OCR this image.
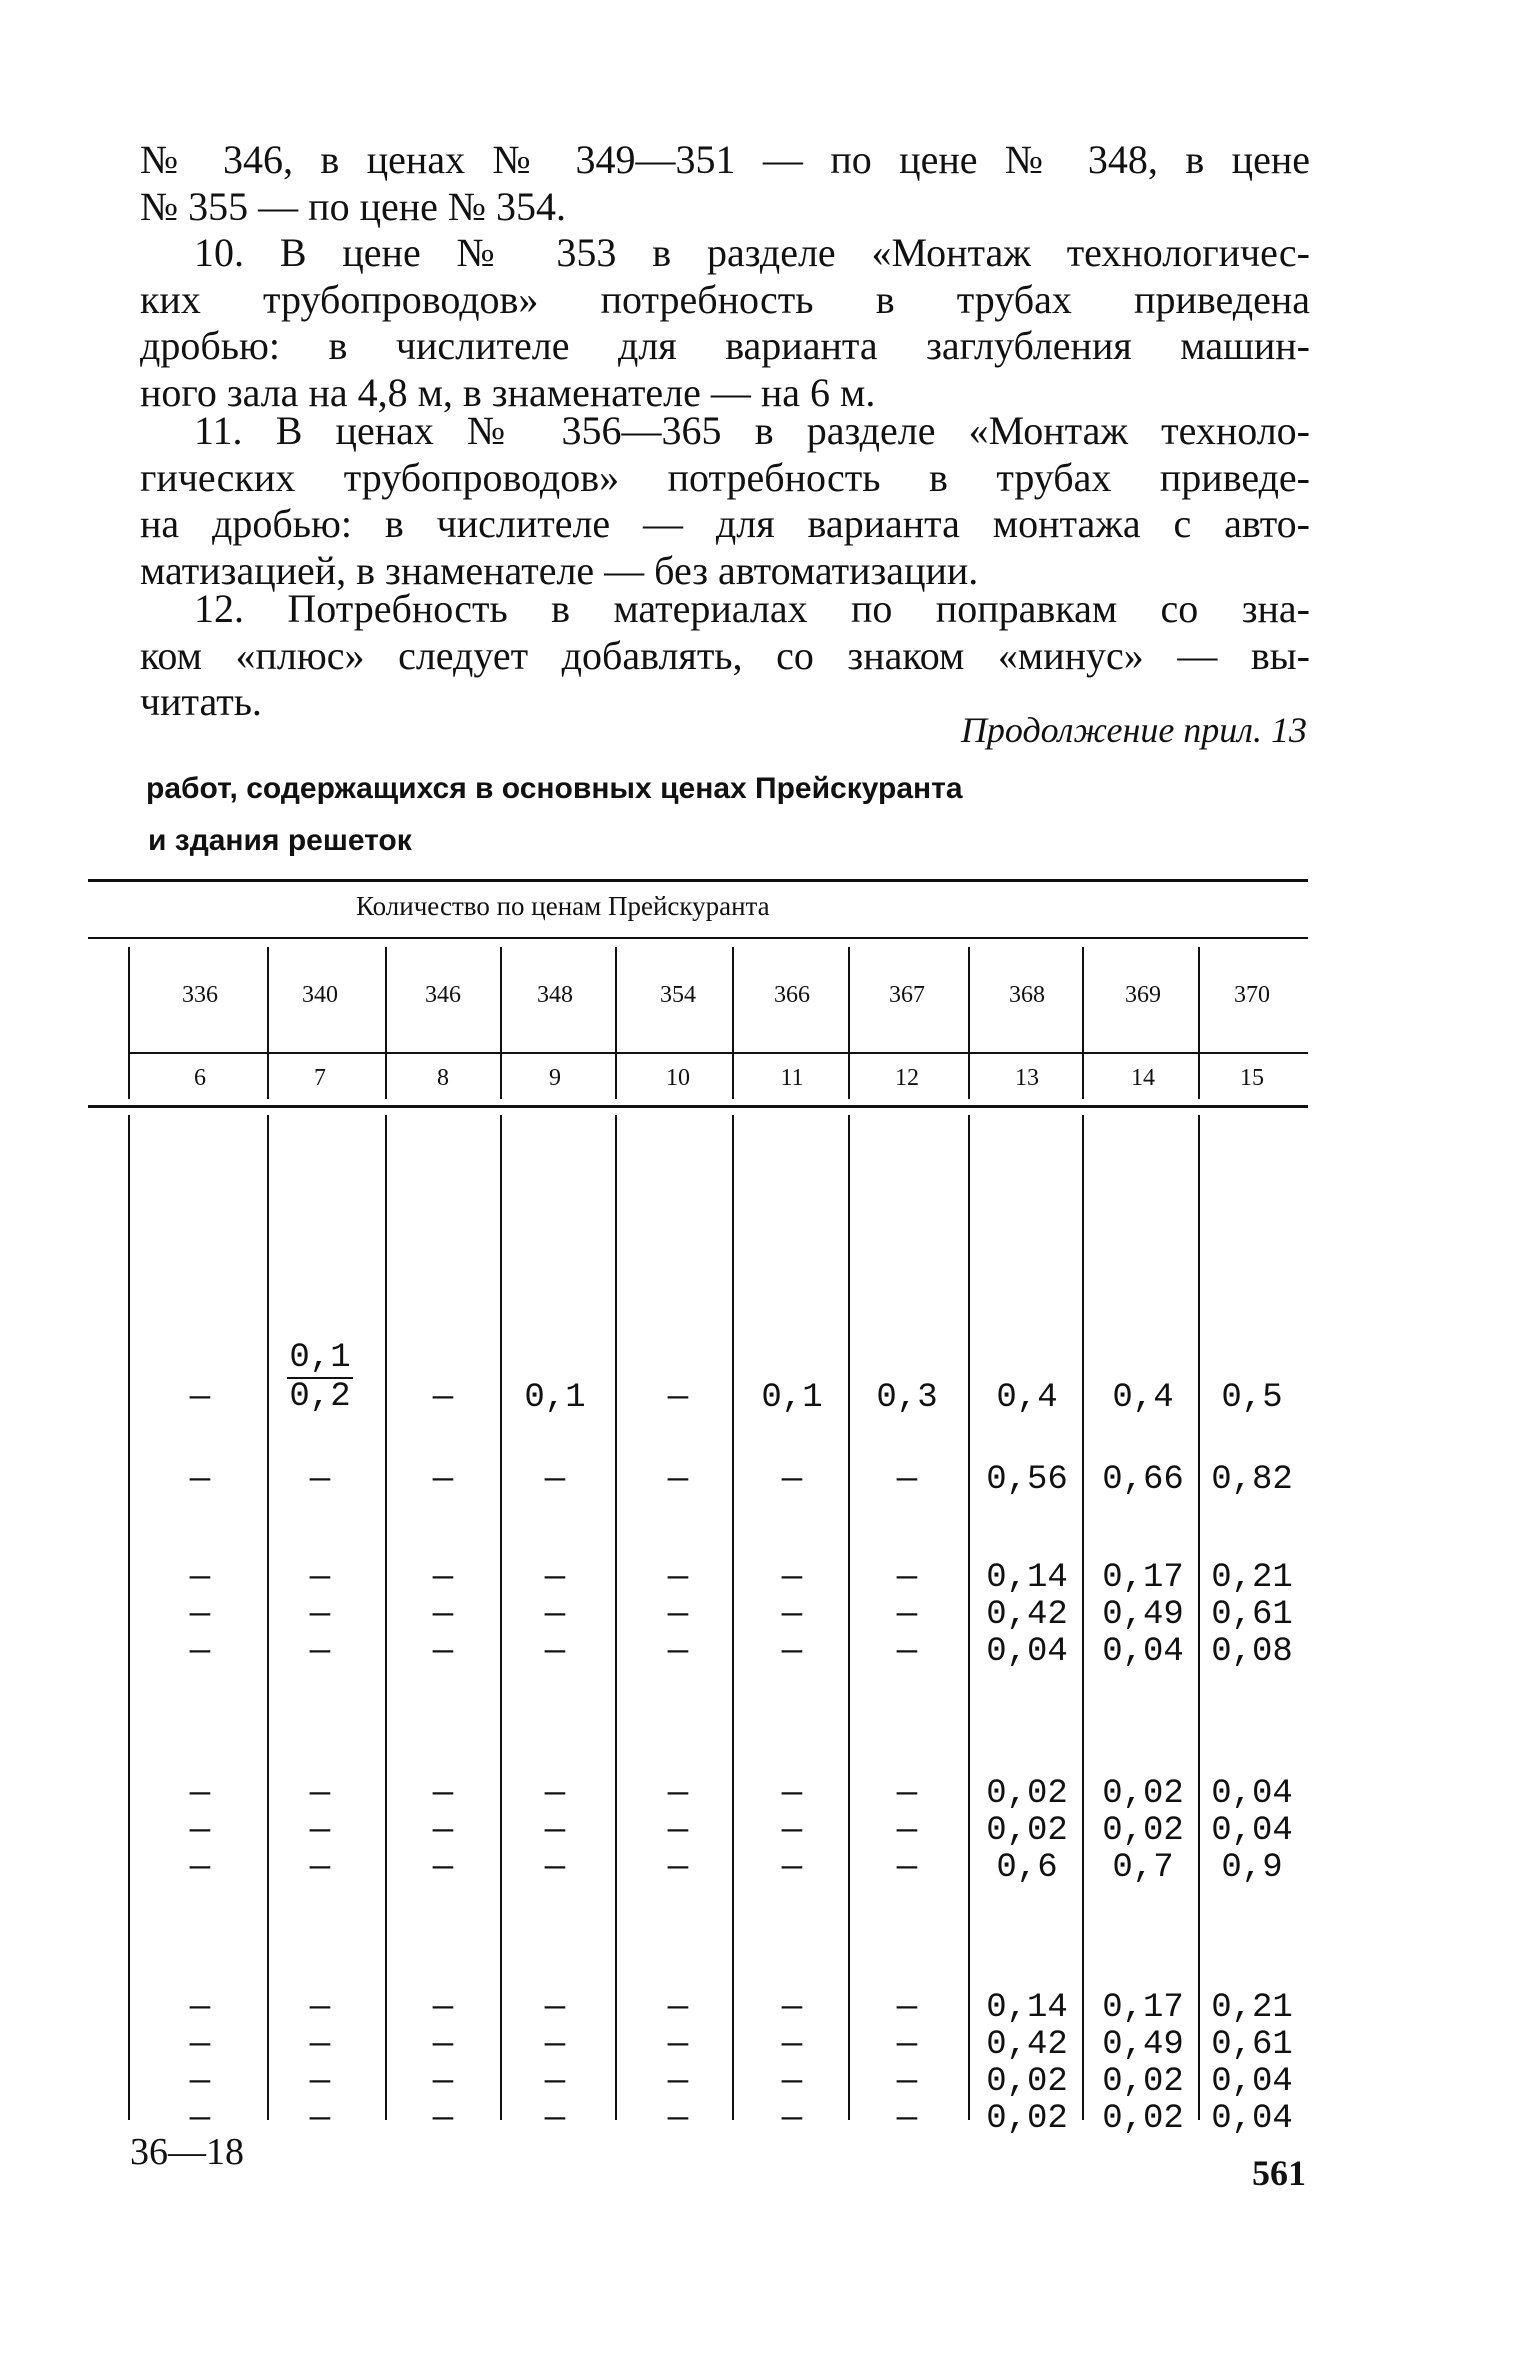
№ 346, в ценах № 349—351 — по цене № 348, в цене
№ 355 — по цене № 354.
10. В цене № 353 в разделе «Монтаж технологичес-
ких трубопроводов» потребность в трубах приведена
дробью: в числителе для варианта заглубления машин-
ного зала на 4,8 м, в знаменателе — на 6 м.
11. В ценах № 356—365 в разделе «Монтаж техноло-
гических трубопроводов» потребность в трубах приведе-
на дробью: в числителе — для варианта монтажа с авто-
матизацией, в знаменателе — без автоматизации.
12. Потребность в материалах по поправкам со зна-
ком «плюс» следует добавлять, со знаком «минус» — вы-
читать.
Продолжение прил. 13
работ, содержащихся в основных ценах Прейскуранта
и здания решеток
Количество по ценам Прейскуранта
336	340	346	348	354	366	367	368	369	370
6	7	8	9	10	11	12	13	14	15
—	$\frac{0,1}{0,2}$	—	0,1	—	0,1	0,3	0,4	0,4	0,5
—	—	—	—	—	—	—	0,56	0,66 0,82
—	—	—	—	—	—	—	0,14	0,17 0,21
—	—	—	—	—	—	—	0,42	0,49 0,61
—	—	—	—	—	—	—	0,04	0,04 0,08
—	—	—	—	—	—	—	0,02	0,02 0,04
—	—	—	—	—	—	—	0,02	0,02 0,04
—	—	—	—	—	—	—	0,6	0,7	0,9
—	—	—	—	—	—	—	0,14	0,17 0,21
—	—	—	—	—	—	—	0,42	0,49 0,61
—	—	—	—	—	—	—	0,02	0,02 0,04
—	—	—	—	—	—	—	0,02	0,02 0,04
36—18	561
